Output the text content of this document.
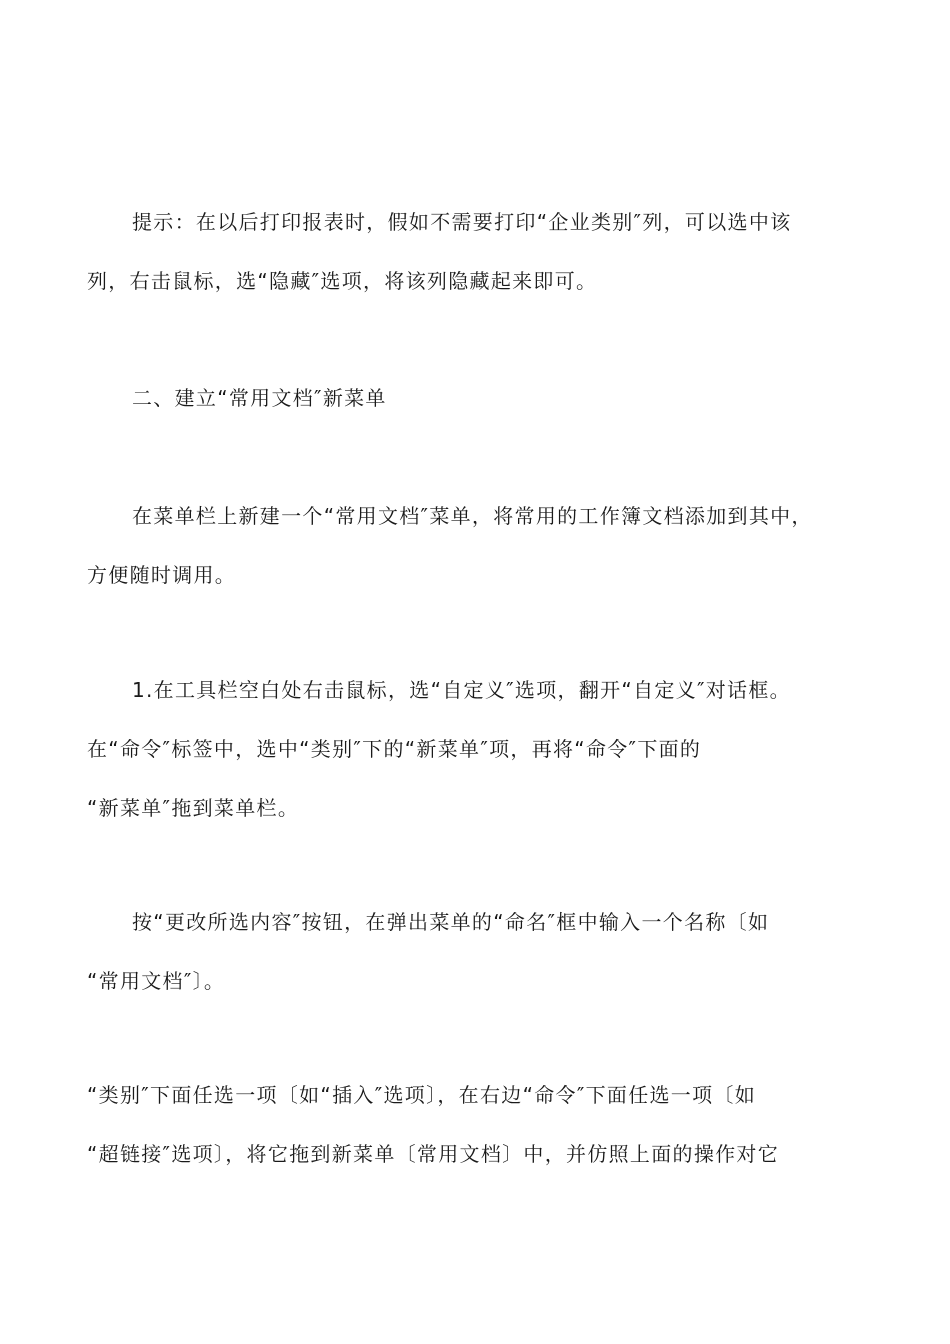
提示：在以后打印报表时，假如不需要打印“企业类别″列，可以选中该
列，右击鼠标，选“隐藏″选项，将该列隐藏起来即可。
二、建立“常用文档″新菜单
在菜单栏上新建一个“常用文档″菜单，将常用的工作簿文档添加到其中，
方便随时调用。
1.在工具栏空白处右击鼠标，选“自定义″选项，翻开“自定义″对话框。
在“命令″标签中，选中“类别″下的“新菜单″项，再将“命令″下面的
“新菜单″拖到菜单栏。
按“更改所选内容″按钮，在弹出菜单的“命名″框中输入一个名称〔如
“常用文档″〕。
“类别″下面任选一项〔如“插入″选项〕，在右边“命令″下面任选一项〔如
“超链接″选项〕，将它拖到新菜单〔常用文档〕中，并仿照上面的操作对它
